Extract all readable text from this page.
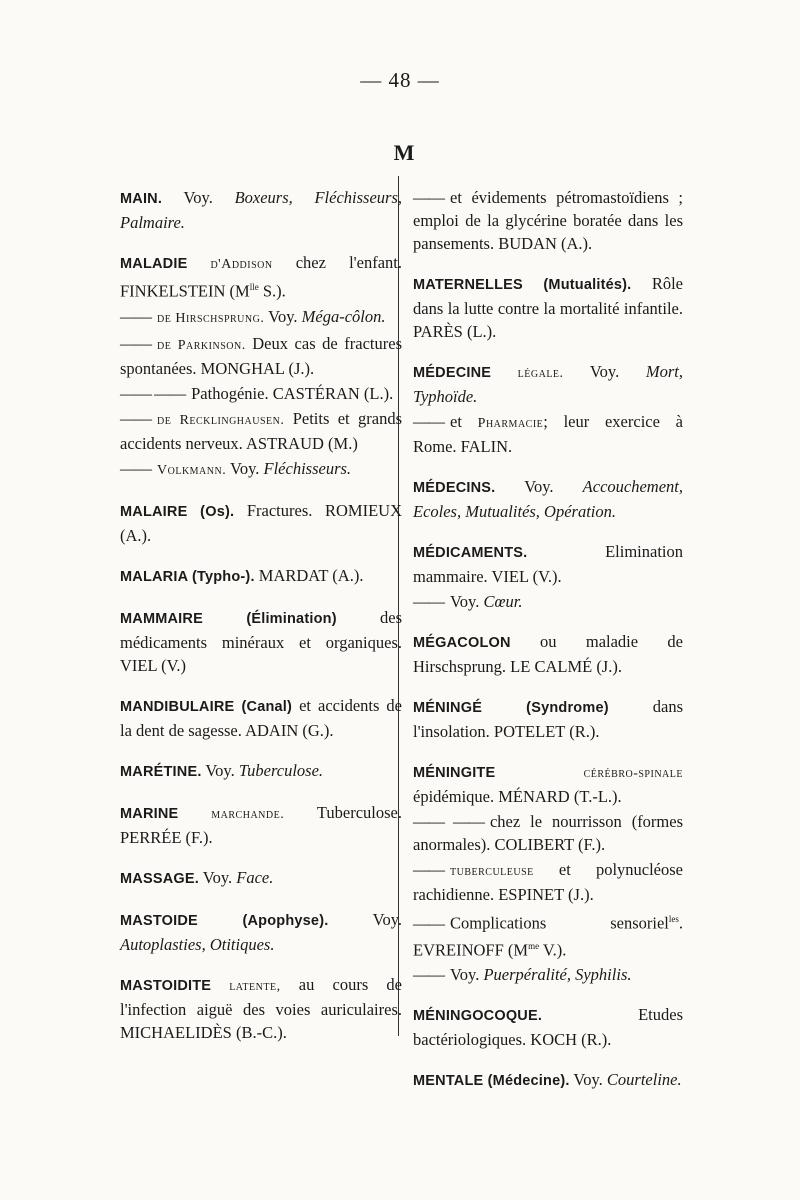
— 48 —
M
MAIN. Voy. Boxeurs, Fléchisseurs, Palmaire.
MALADIE d'Addison chez l'enfant. FINKELSTEIN ($M^{lle}$ S.).
—— de Hirschsprung. Voy. Méga-côlon.
—— de Parkinson. Deux cas de fractures spontanées. MONGHAL (J.).
—— —— Pathogénie. CASTÉRAN (L.).
—— de Recklinghausen. Petits et grands accidents nerveux. ASTRAUD (M.)
—— Volkmann. Voy. Fléchisseurs.
MALAIRE (Os). Fractures. ROMIEUX (A.).
MALARIA (Typho-). MARDAT (A.).
MAMMAIRE (Élimination) des médicaments minéraux et organiques. VIEL (V.)
MANDIBULAIRE (Canal) et accidents de la dent de sagesse. ADAIN (G.).
MARÉTINE. Voy. Tuberculose.
MARINE marchande. Tuberculose. PERRÉE (F.).
MASSAGE. Voy. Face.
MASTOIDE (Apophyse). Voy. Autoplasties, Otitiques.
MASTOIDITE latente, au cours de l'infection aiguë des voies auriculaires. MICHAELIDÈS (B.-C.).
—— et évidements pétromastoïdiens ; emploi de la glycérine boratée dans les pansements. BUDAN (A.).
MATERNELLES (Mutualités). Rôle dans la lutte contre la mortalité infantile. PARÈS (L.).
MÉDECINE légale. Voy. Mort, Typhoïde.
—— et Pharmacie; leur exercice à Rome. FALIN.
MÉDECINS. Voy. Accouchement, Ecoles, Mutualités, Opération.
MÉDICAMENTS. Elimination mammaire. VIEL (V.).
—— Voy. Cœur.
MÉGACOLON ou maladie de Hirschsprung. LE CALMÉ (J.).
MÉNINGÉ (Syndrome) dans l'insolation. POTELET (R.).
MÉNINGITE cérébro-spinale épidémique. MÉNARD (T.-L.).
—— —— chez le nourrisson (formes anormales). COLIBERT (F.).
—— tuberculeuse et polynucléose rachidienne. ESPINET (J.).
—— Complications sensoriel$^{les}$. EVREINOFF ($M^{me}$ V.).
—— Voy. Puerpéralité, Syphilis.
MÉNINGOCOQUE. Etudes bactériologiques. KOCH (R.).
MENTALE (Médecine). Voy. Courteline.
